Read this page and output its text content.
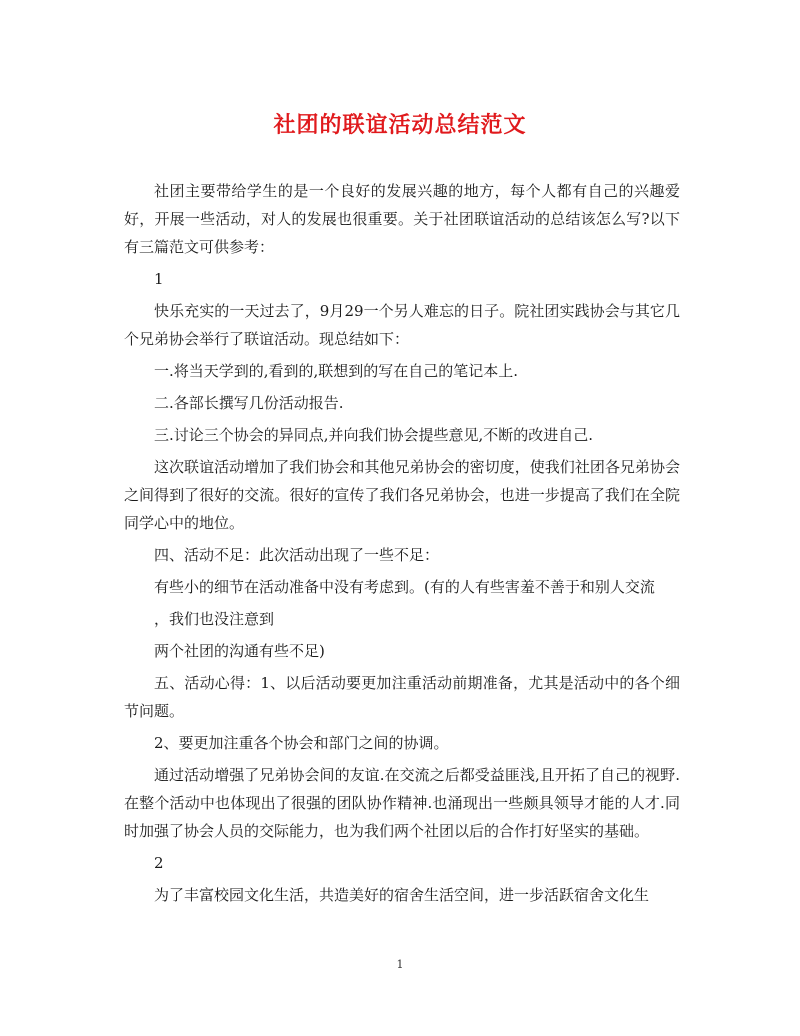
社团的联谊活动总结范文

社团主要带给学生的是一个良好的发展兴趣的地方，每个人都有自己的兴趣爱好，开展一些活动，对人的发展也很重要。关于社团联谊活动的总结该怎么写?以下有三篇范文可供参考：

1

快乐充实的一天过去了，9月29一个另人难忘的日子。院社团实践协会与其它几个兄弟协会举行了联谊活动。现总结如下：

一.将当天学到的,看到的,联想到的写在自己的笔记本上.

二.各部长撰写几份活动报告.

三.讨论三个协会的异同点,并向我们协会提些意见,不断的改进自己.

这次联谊活动增加了我们协会和其他兄弟协会的密切度，使我们社团各兄弟协会之间得到了很好的交流。很好的宣传了我们各兄弟协会，也进一步提高了我们在全院同学心中的地位。

四、活动不足：此次活动出现了一些不足：

有些小的细节在活动准备中没有考虑到。(有的人有些害羞不善于和别人交流

，我们也没注意到

两个社团的沟通有些不足)

五、活动心得：1、以后活动要更加注重活动前期准备，尤其是活动中的各个细节问题。

2、要更加注重各个协会和部门之间的协调。

通过活动增强了兄弟协会间的友谊.在交流之后都受益匪浅,且开拓了自己的视野.在整个活动中也体现出了很强的团队协作精神.也涌现出一些颇具领导才能的人才.同时加强了协会人员的交际能力，也为我们两个社团以后的合作打好坚实的基础。

2

为了丰富校园文化生活，共造美好的宿舍生活空间，进一步活跃宿舍文化生

1
